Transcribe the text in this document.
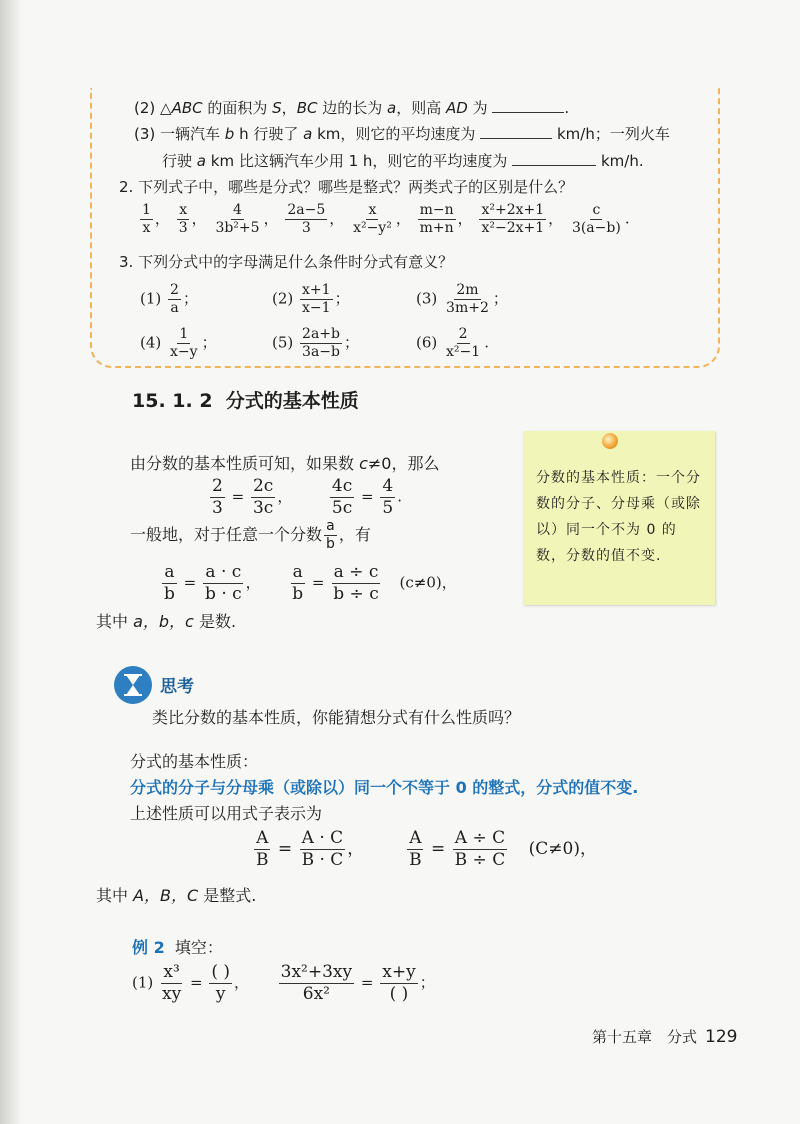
(2) △ABC 的面积为 S，BC 边的长为 a，则高 AD 为	.
(3) 一辆汽车 b h 行驶了 a km，则它的平均速度为	km/h；一列火车
行驶 a km 比这辆汽车少用 1 h，则它的平均速度为	km/h.
2. 下列式子中，哪些是分式？哪些是整式？两类式子的区别是什么？
$\frac{1}{x}$ ， $\frac{x}{3}$ ， $\frac{4}{\text{3b²+5}}$ ， $\frac{2a-5}{3}$ ， $\frac{x}{\text{x²−y²}}$ ， $\frac{m-n}{m+n}$ ， $\frac{\text{x²+2x+1}}{\text{x²−2x+1}}$ ， $\frac{c}{3(a-b)}$ .
3. 下列分式中的字母满足什么条件时分式有意义？
$(1) \frac{2}{a}$ ；	$(2) \frac{x+1}{x-1}$ ；	$(3) \frac{2m}{3m+2}$ ；
$(4) \frac{1}{x-y}$ ；	$(5) \frac{2a+b}{3a-b}$ ；	$(6) \frac{2}{\text{x²−1}}$ .
15. 1. 2 分式的基本性质
由分数的基本性质可知，如果数 c≠0，那么
$\frac{2}{3} = \frac{2c}{3c}$ ， $\frac{4c}{5c} = \frac{4}{5}$ .
一般地，对于任意一个分数 $\frac{a}{b}$ ，有
$\frac{a}{b} = \frac{a \cdot c}{b \cdot c}$ ， $\frac{a}{b} = \frac{a \div c}{b \div c} (c\ne 0)$，
其中 a，b，c 是数.
分数的基本性质：一个分数的分子、分母乘（或除以）同一个不为 0 的数，分数的值不变.
思考
类比分数的基本性质，你能猜想分式有什么性质吗？
分式的基本性质：
分式的分子与分母乘（或除以）同一个不等于 0 的整式，分式的值不变.
上述性质可以用式子表示为
$\frac{A}{B} = \frac{A \cdot C}{B \cdot C}$ ，	$\frac{A}{B} = \frac{A \div C}{B \div C} (C\ne 0)$，
其中 A，B，C 是整式.
例 2 填空：
$(1) \frac{\text{x³}}{xy} = \frac{( )}{y}$ ， $\frac{\text{3x²+3xy}}{\text{6x²}} = \frac{x+y}{( )}$ ；
第十五章　分式 129
